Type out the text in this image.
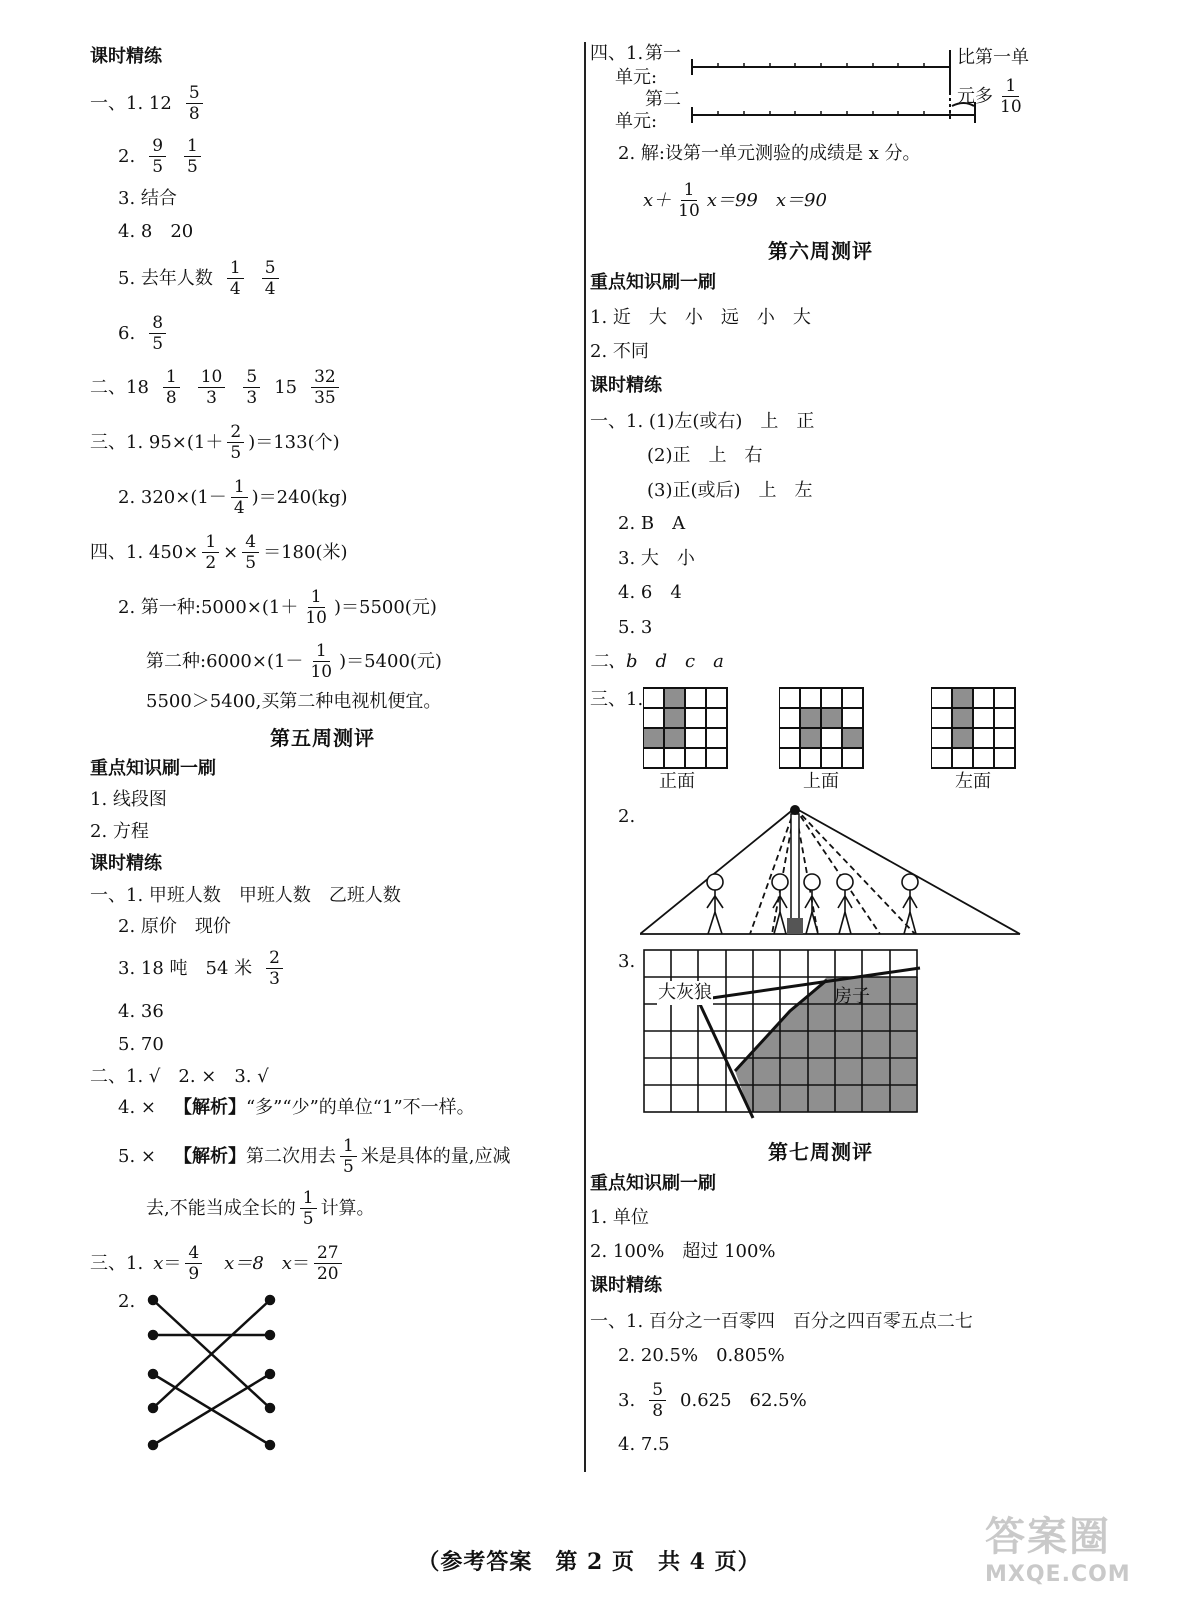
课时精练
一、1. $12 \frac{5}{8}$
2. $\frac{9}{5} \frac{1}{5}$
3. 结合
4. 8　20
5. 去年人数 $\frac{1}{4} \frac{5}{4}$
6. $\frac{8}{5}$
二、$18 \frac{1}{8} \frac{10}{3} \frac{5}{3} 15 \frac{32}{35}$
三、1. $95\times(1+ \frac{2}{5} )=133$(个)
2. $320\times(1- \frac{1}{4} )=240(kg)$
四、1. $450\times \frac{1}{2} \times \frac{4}{5} =180$(米)
2. 第一种:5000×(1＋ $\frac{1}{10} )=5500$(元)
第二种:6000×(1－ $\frac{1}{10} )=5400$(元)
5500＞5400,买第二种电视机便宜。
第五周测评
重点知识刷一刷
1. 线段图
2. 方程
课时精练
一、1. 甲班人数　甲班人数　乙班人数
2. 原价　现价
3. 18 吨　54 米 $\frac{2}{3}$
4. 36
5. 70
二、1. √　2. ×　3. √
4. ×　 【解析】 “多”“少”的单位“1”不一样。
5. ×　 【解析】 第二次用去 $\frac{1}{5}$ 米是具体的量,应减
去,不能当成全长的 $\frac{1}{5}$ 计算。
三、1. $x = \frac{4}{9} x=8$ $x = \frac{27}{20}$
2.
四、1. 第一
单元:
第二
单元:
比第一单
元多 $\frac{1}{10}$
2. 解:设第一单元测验的成绩是 x 分。
$x+ \frac{1}{10} x=99$　x＝90
第六周测评
重点知识刷一刷
1. 近　大　小　远　小　大
2. 不同
课时精练
一、1. (1)左(或右)　上　正
(2)正　上　右
(3)正(或后)　上　左
2. B　A
3. 大　小
4. 6　4
5. 3
二、b　d　c　a
三、1.
正面	上面	左面
2.
3.
大灰狼	房子
第七周测评
重点知识刷一刷
1. 单位
2. 100%　超过 100%
课时精练
一、1. 百分之一百零四　百分之四百零五点二七
2. 20.5%　0.805%
3. $\frac{5}{8} 0.625$　62.5%
4. 7.5
（参考答案　第 2 页　共 4 页）
答案圈
MXQE.COM
